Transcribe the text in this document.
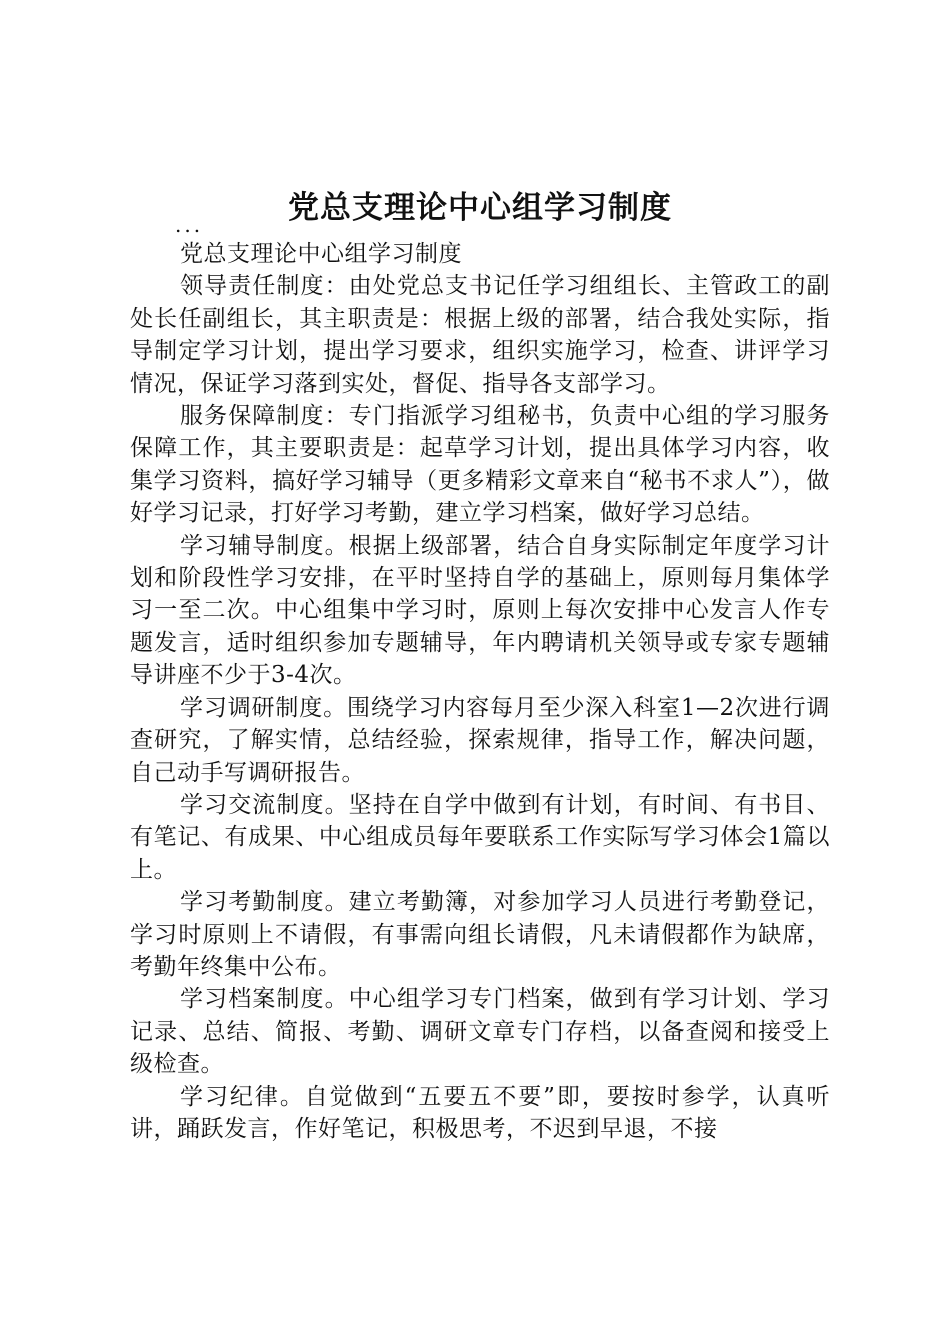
党总支理论中心组学习制度
...

党总支理论中心组学习制度

领导责任制度：由处党总支书记任学习组组长、主管政工的副处长任副组长，其主职责是：根据上级的部署，结合我处实际，指导制定学习计划，提出学习要求，组织实施学习，检查、讲评学习情况，保证学习落到实处，督促、指导各支部学习。

服务保障制度：专门指派学习组秘书，负责中心组的学习服务保障工作，其主要职责是：起草学习计划，提出具体学习内容，收集学习资料，搞好学习辅导（更多精彩文章来自“秘书不求人”），做好学习记录，打好学习考勤，建立学习档案，做好学习总结。

学习辅导制度。根据上级部署，结合自身实际制定年度学习计划和阶段性学习安排，在平时坚持自学的基础上，原则每月集体学习一至二次。中心组集中学习时，原则上每次安排中心发言人作专题发言，适时组织参加专题辅导，年内聘请机关领导或专家专题辅导讲座不少于3-4次。

学习调研制度。围绕学习内容每月至少深入科室1—2次进行调查研究，了解实情，总结经验，探索规律，指导工作，解决问题，自己动手写调研报告。

学习交流制度。坚持在自学中做到有计划，有时间、有书目、有笔记、有成果、中心组成员每年要联系工作实际写学习体会1篇以上。

学习考勤制度。建立考勤簿，对参加学习人员进行考勤登记，学习时原则上不请假，有事需向组长请假，凡未请假都作为缺席，考勤年终集中公布。

学习档案制度。中心组学习专门档案，做到有学习计划、学习记录、总结、简报、考勤、调研文章专门存档，以备查阅和接受上级检查。

学习纪律。自觉做到“五要五不要”即，要按时参学，认真听讲，踊跃发言，作好笔记，积极思考，不迟到早退，不接
